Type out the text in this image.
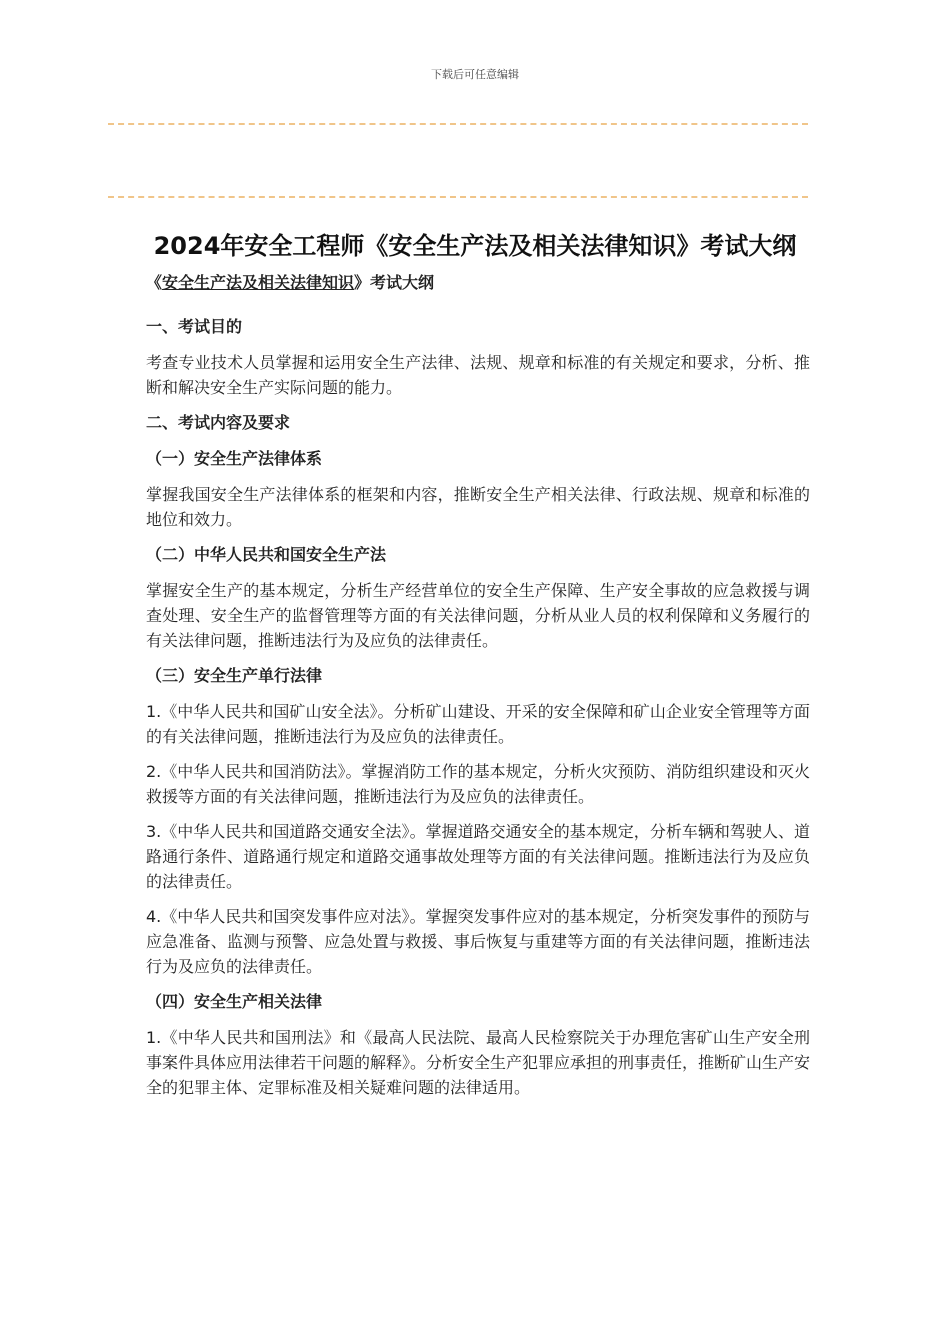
下载后可任意编辑
2024年安全工程师《安全生产法及相关法律知识》考试大纲
《安全生产法及相关法律知识》考试大纲
一、考试目的
考查专业技术人员掌握和运用安全生产法律、法规、规章和标准的有关规定和要求，分析、推断和解决安全生产实际问题的能力。
二、考试内容及要求
（一）安全生产法律体系
掌握我国安全生产法律体系的框架和内容，推断安全生产相关法律、行政法规、规章和标准的地位和效力。
（二）中华人民共和国安全生产法
掌握安全生产的基本规定，分析生产经营单位的安全生产保障、生产安全事故的应急救援与调查处理、安全生产的监督管理等方面的有关法律问题，分析从业人员的权利保障和义务履行的有关法律问题，推断违法行为及应负的法律责任。
（三）安全生产单行法律
1.《中华人民共和国矿山安全法》。分析矿山建设、开采的安全保障和矿山企业安全管理等方面的有关法律问题，推断违法行为及应负的法律责任。
2.《中华人民共和国消防法》。掌握消防工作的基本规定，分析火灾预防、消防组织建设和灭火救援等方面的有关法律问题，推断违法行为及应负的法律责任。
3.《中华人民共和国道路交通安全法》。掌握道路交通安全的基本规定，分析车辆和驾驶人、道路通行条件、道路通行规定和道路交通事故处理等方面的有关法律问题。推断违法行为及应负的法律责任。
4.《中华人民共和国突发事件应对法》。掌握突发事件应对的基本规定，分析突发事件的预防与应急准备、监测与预警、应急处置与救援、事后恢复与重建等方面的有关法律问题，推断违法行为及应负的法律责任。
（四）安全生产相关法律
1.《中华人民共和国刑法》和《最高人民法院、最高人民检察院关于办理危害矿山生产安全刑事案件具体应用法律若干问题的解释》。分析安全生产犯罪应承担的刑事责任，推断矿山生产安全的犯罪主体、定罪标准及相关疑难问题的法律适用。
